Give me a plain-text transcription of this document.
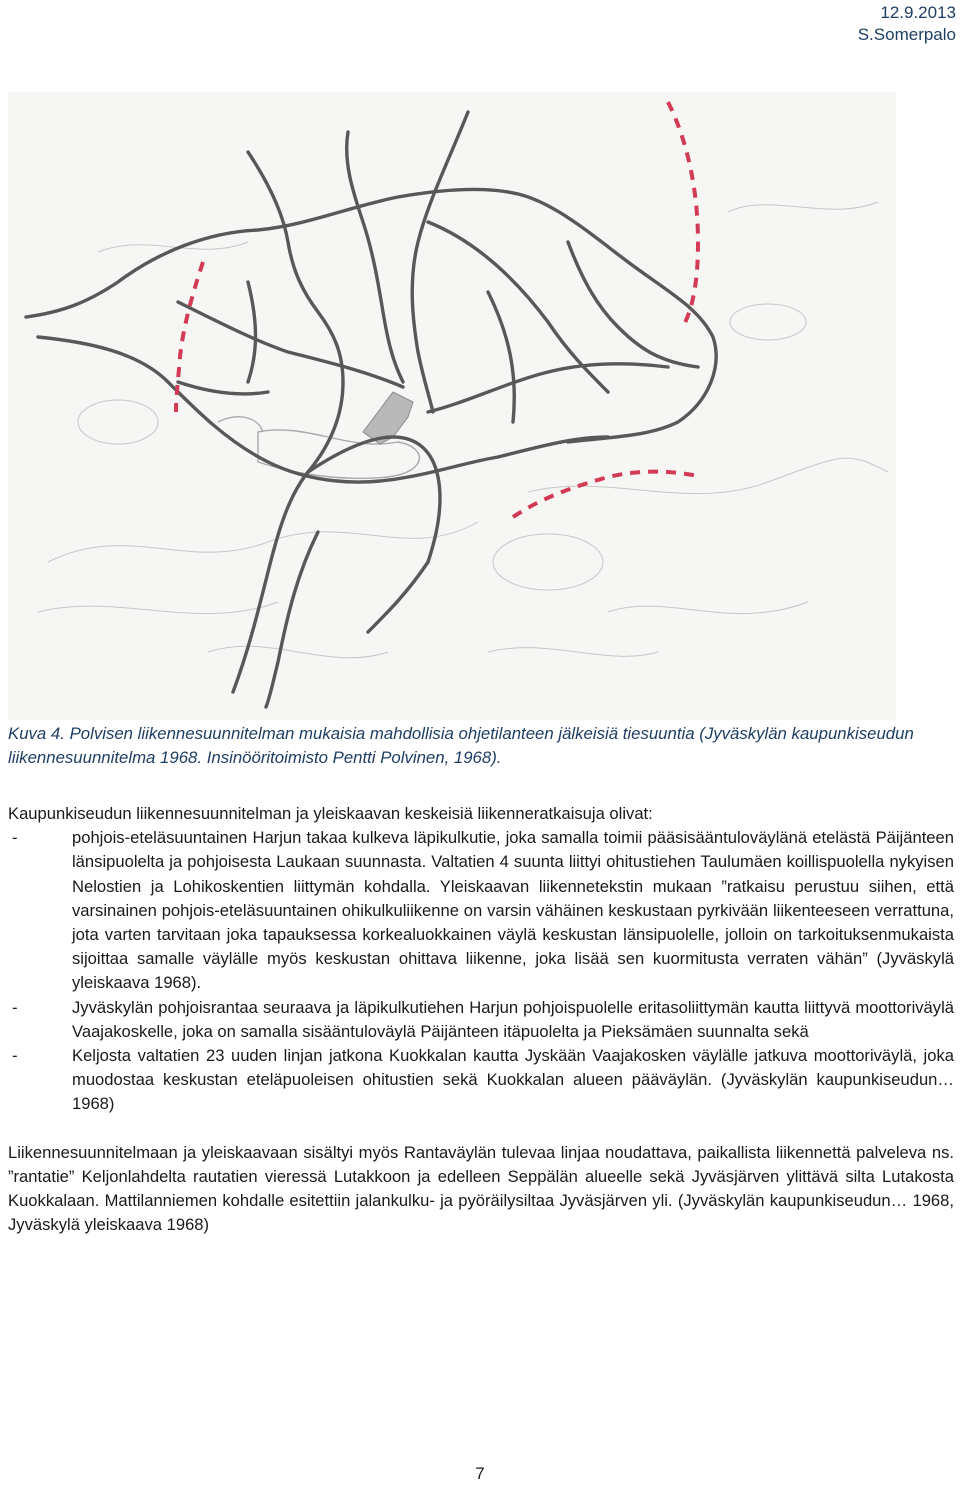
12.9.2013
S.Somerpalo
Kuva 4. Polvisen liikennesuunnitelman mukaisia mahdollisia ohjetilanteen jälkeisiä tiesuuntia (Jyväskylän kaupunkiseudun liikennesuunnitelma 1968. Insinööritoimisto Pentti Polvinen, 1968).

Kaupunkiseudun liikennesuunnitelman ja yleiskaavan keskeisiä liikenneratkaisuja olivat:

-	pohjois-eteläsuuntainen Harjun takaa kulkeva läpikulkutie, joka samalla toimii pääsisääntuloväylänä etelästä Päijänteen länsipuolelta ja pohjoisesta Laukaan suunnasta. Valtatien 4 suunta liittyi ohitustiehen Taulumäen koillispuolella nykyisen Nelostien ja Lohikoskentien liittymän kohdalla. Yleiskaavan liikennetekstin mukaan ”ratkaisu perustuu siihen, että varsinainen pohjois-eteläsuuntainen ohikulkuliikenne on varsin vähäinen keskustaan pyrkivään liikenteeseen verrattuna, jota varten tarvitaan joka tapauksessa korkealuokkainen väylä keskustan länsipuolelle, jolloin on tarkoituksenmukaista sijoittaa samalle väylälle myös keskustan ohittava liikenne, joka lisää sen kuormitusta verraten vähän” (Jyväskylä yleiskaava 1968).
-	Jyväskylän pohjoisrantaa seuraava ja läpikulkutiehen Harjun pohjoispuolelle eritasoliittymän kautta liittyvä moottoriväylä Vaajakoskelle, joka on samalla sisääntuloväylä Päijänteen itäpuolelta ja Pieksämäen suunnalta sekä
-	Keljosta valtatien 23 uuden linjan jatkona Kuokkalan kautta Jyskään Vaajakosken väylälle jatkuva moottoriväylä, joka muodostaa keskustan eteläpuoleisen ohitustien sekä Kuokkalan alueen pääväylän. (Jyväskylän kaupunkiseudun… 1968)

Liikennesuunnitelmaan ja yleiskaavaan sisältyi myös Rantaväylän tulevaa linjaa noudattava, paikallista liikennettä palveleva ns. ”rantatie” Keljonlahdelta rautatien vieressä Lutakkoon ja edelleen Seppälän alueelle sekä Jyväsjärven ylittävä silta Lutakosta Kuokkalaan. Mattilanniemen kohdalle esitettiin jalankulku- ja pyöräilysiltaa Jyväsjärven yli. (Jyväskylän kaupunkiseudun… 1968, Jyväskylä yleiskaava 1968)

7
